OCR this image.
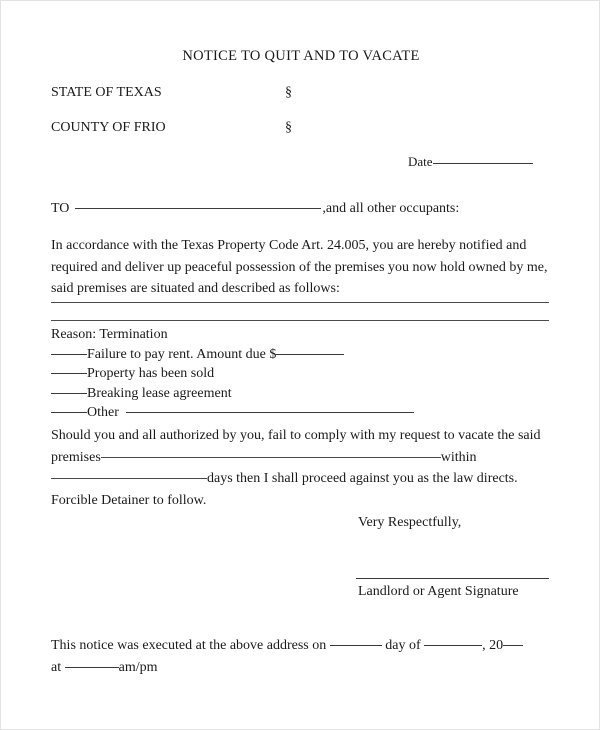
NOTICE TO QUIT AND TO VACATE
STATE OF TEXAS	§
COUNTY OF FRIO	§
Date
TO	,and all other occupants:
In accordance with the Texas Property Code Art. 24.005, you are hereby notified and required and deliver up peaceful possession of the premises you now hold owned by me, said premises are situated and described as follows:
Reason: Termination
Failure to pay rent. Amount due $
Property has been sold
Breaking lease agreement
Other
Should you and all authorized by you, fail to comply with my request to vacate the said premises	withindays then I shall proceed against you as the law directs. Forcible Detainer to follow.
Very Respectfully,
Landlord or Agent Signature
This notice was executed at the above address on	day of	, 20
at	am/pm
